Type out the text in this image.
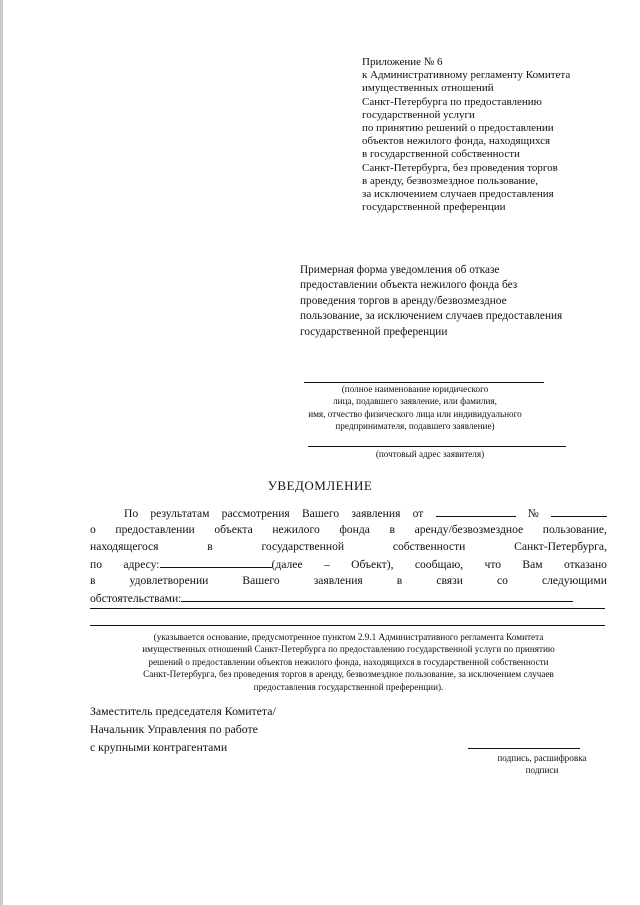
Приложение № 6
к Административному регламенту Комитета
имущественных отношений
Санкт-Петербурга по предоставлению
государственной услуги
по принятию решений о предоставлении
объектов нежилого фонда, находящихся
в государственной собственности
Санкт-Петербурга, без проведения торгов
в аренду, безвозмездное пользование,
за исключением случаев предоставления
государственной преференции
Примерная форма уведомления об отказе
предоставлении объекта нежилого фонда без
проведения торгов в аренду/безвозмездное
пользование, за исключением случаев предоставления
государственной преференции
(полное наименование юридического
лица, подавшего заявление, или фамилия,
имя, отчество физического лица или индивидуального
предпринимателя, подавшего заявление)
(почтовый адрес заявителя)
УВЕДОМЛЕНИЕ
По результатам рассмотрения Вашего заявления от	№
о предоставлении объекта нежилого фонда в аренду/безвозмездное пользование,
находящегося	в	государственной	собственности	Санкт-Петербурга,
по адресу:	(далее – Объект), сообщаю, что Вам отказано
в	удовлетворении	Вашего	заявления	в	связи	со	следующими
обстоятельствами:
(указывается основание, предусмотренное пунктом 2.9.1 Административного регламента Комитета
имущественных отношений Санкт-Петербурга по предоставлению государственной услуги по принятию
решений о предоставлении объектов нежилого фонда, находящихся в государственной собственности
Санкт-Петербурга, без проведения торгов в аренду, безвозмездное пользование, за исключением случаев
предоставления государственной преференции).
Заместитель председателя Комитета/
Начальник Управления по работе
с крупными контрагентами
подпись, расшифровка
подписи
